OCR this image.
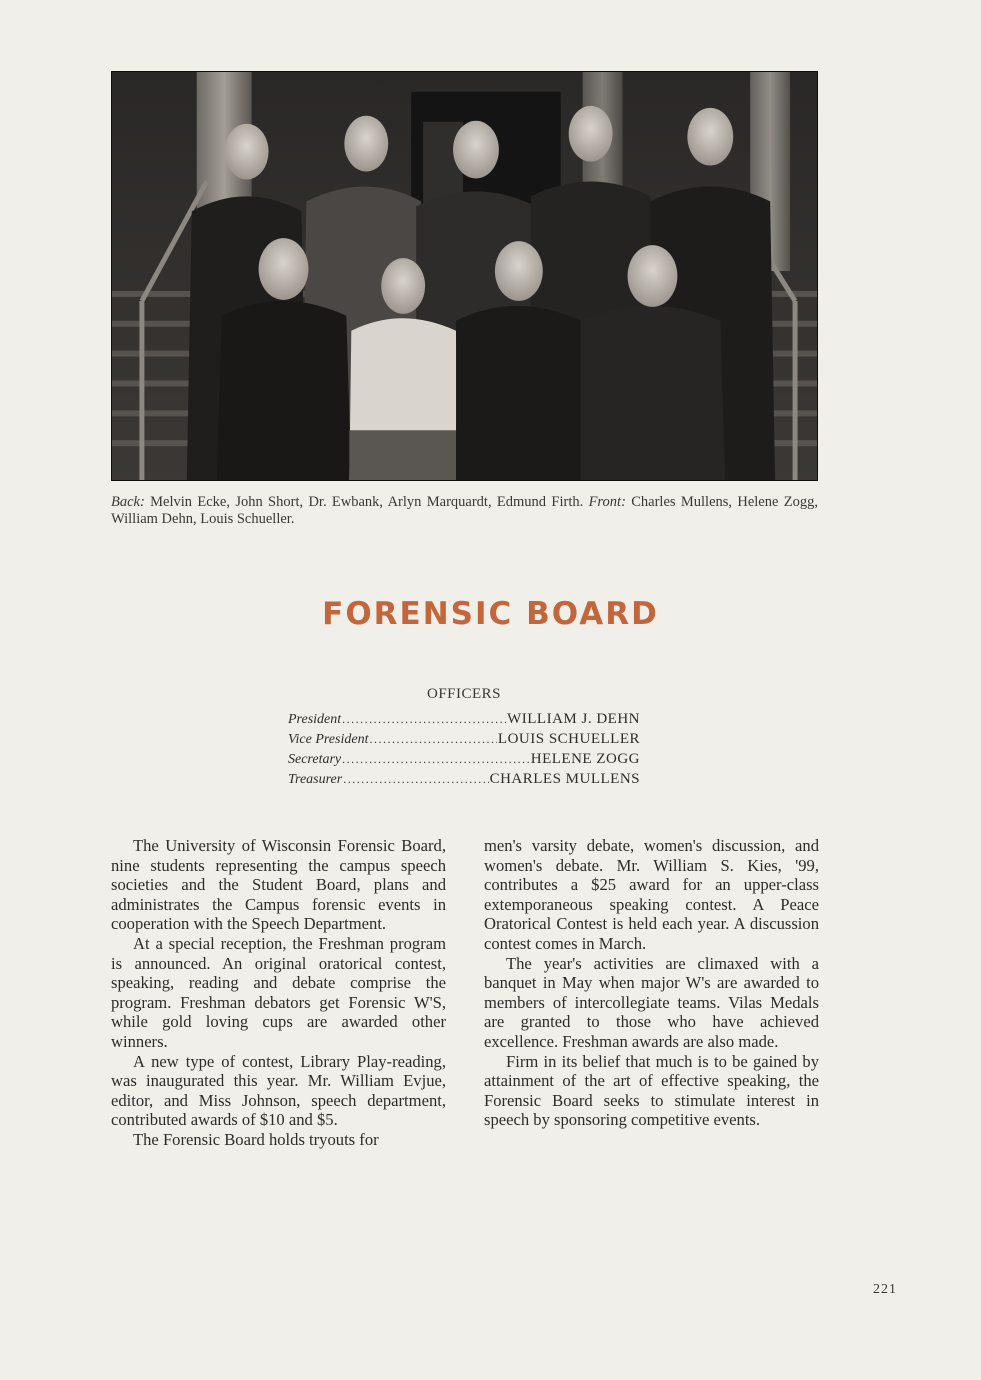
Back: Melvin Ecke, John Short, Dr. Ewbank, Arlyn Marquardt, Edmund Firth. Front: Charles Mullens, Helene Zogg, William Dehn, Louis Schueller.
FORENSIC BOARD
OFFICERS
President .....	WILLIAM J. DEHN
Vice President .....	LOUIS SCHUELLER
Secretary .....	HELENE ZOGG
Treasurer .....	CHARLES MULLENS

The University of Wisconsin Forensic Board, nine students representing the campus speech societies and the Student Board, plans and administrates the Campus forensic events in cooperation with the Speech Department.

At a special reception, the Freshman program is announced. An original oratorical contest, speaking, reading and debate comprise the program. Freshman debators get Forensic W'S, while gold loving cups are awarded other winners.

A new type of contest, Library Play-reading, was inaugurated this year. Mr. William Evjue, editor, and Miss Johnson, speech department, contributed awards of $10 and $5.

The Forensic Board holds tryouts for

men's varsity debate, women's discussion, and women's debate. Mr. William S. Kies, '99, contributes a $25 award for an upper-class extemporaneous speaking contest. A Peace Oratorical Contest is held each year. A discussion contest comes in March.

The year's activities are climaxed with a banquet in May when major W's are awarded to members of intercollegiate teams. Vilas Medals are granted to those who have achieved excellence. Freshman awards are also made.

Firm in its belief that much is to be gained by attainment of the art of effective speaking, the Forensic Board seeks to stimulate interest in speech by sponsoring competitive events.

221
